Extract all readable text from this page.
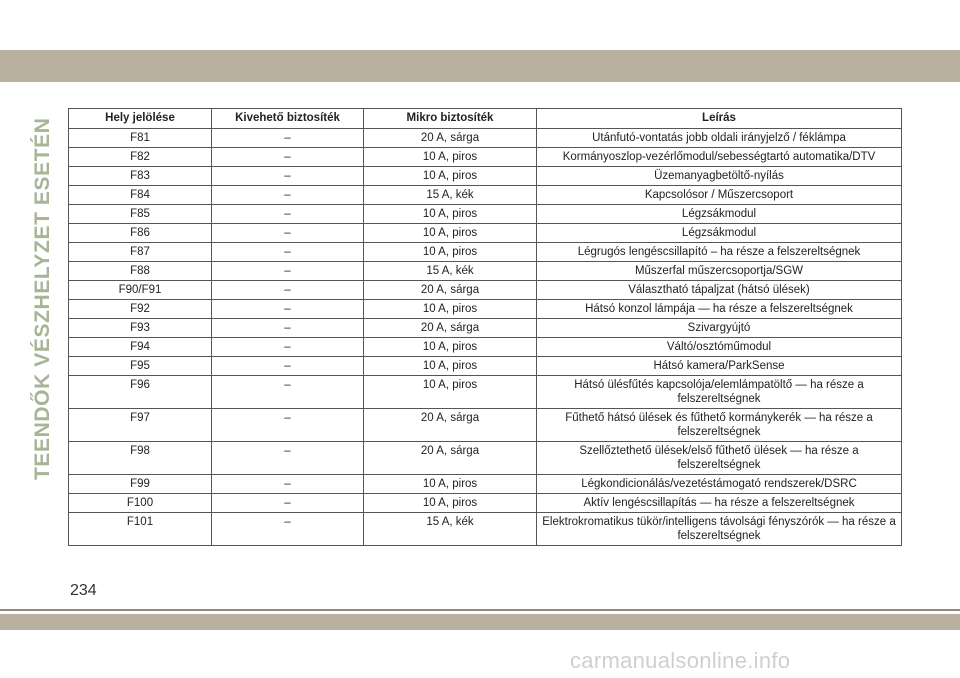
TEENDŐK VÉSZHELYZET ESETÉN	Hely jelölése	Kivehető biztosíték	Mikro biztosíték	Leírás
F81	–	20 A, sárga	Utánfutó-vontatás jobb oldali irányjelző / féklámpa
F82	–	10 A, piros	Kormányoszlop-vezérlőmodul/sebességtartó automatika/DTV
F83	–	10 A, piros	Üzemanyagbetöltő-nyílás
F84	–	15 A, kék	Kapcsolósor / Műszercsoport
F85	–	10 A, piros	Légzsákmodul
F86	–	10 A, piros	Légzsákmodul
F87	–	10 A, piros	Légrugós lengéscsillapító – ha része a felszereltségnek
F88	–	15 A, kék	Műszerfal műszercsoportja/SGW
F90/F91	–	20 A, sárga	Választható tápaljzat (hátsó ülések)
F92	–	10 A, piros	Hátsó konzol lámpája — ha része a felszereltségnek
F93	–	20 A, sárga	Szivargyújtó
F94	–	10 A, piros	Váltó/osztóműmodul
F95	–	10 A, piros	Hátsó kamera/ParkSense
F96	–	10 A, piros	Hátsó ülésfűtés kapcsolója/elemlámpatöltő — ha része a felszereltségnek
F97	–	20 A, sárga	Fűthető hátsó ülések és fűthető kormánykerék — ha része a felszereltségnek
F98	–	20 A, sárga	Szellőztethető ülések/első fűthető ülések — ha része a felszereltségnek
F99	–	10 A, piros	Légkondicionálás/vezetéstámogató rendszerek/DSRC
F100	–	10 A, piros	Aktív lengéscsillapítás — ha része a felszereltségnek
F101	–	15 A, kék	Elektrokromatikus tükör/intelligens távolsági fényszórók — ha része a felszereltségnek
234
carmanualsonline.info
